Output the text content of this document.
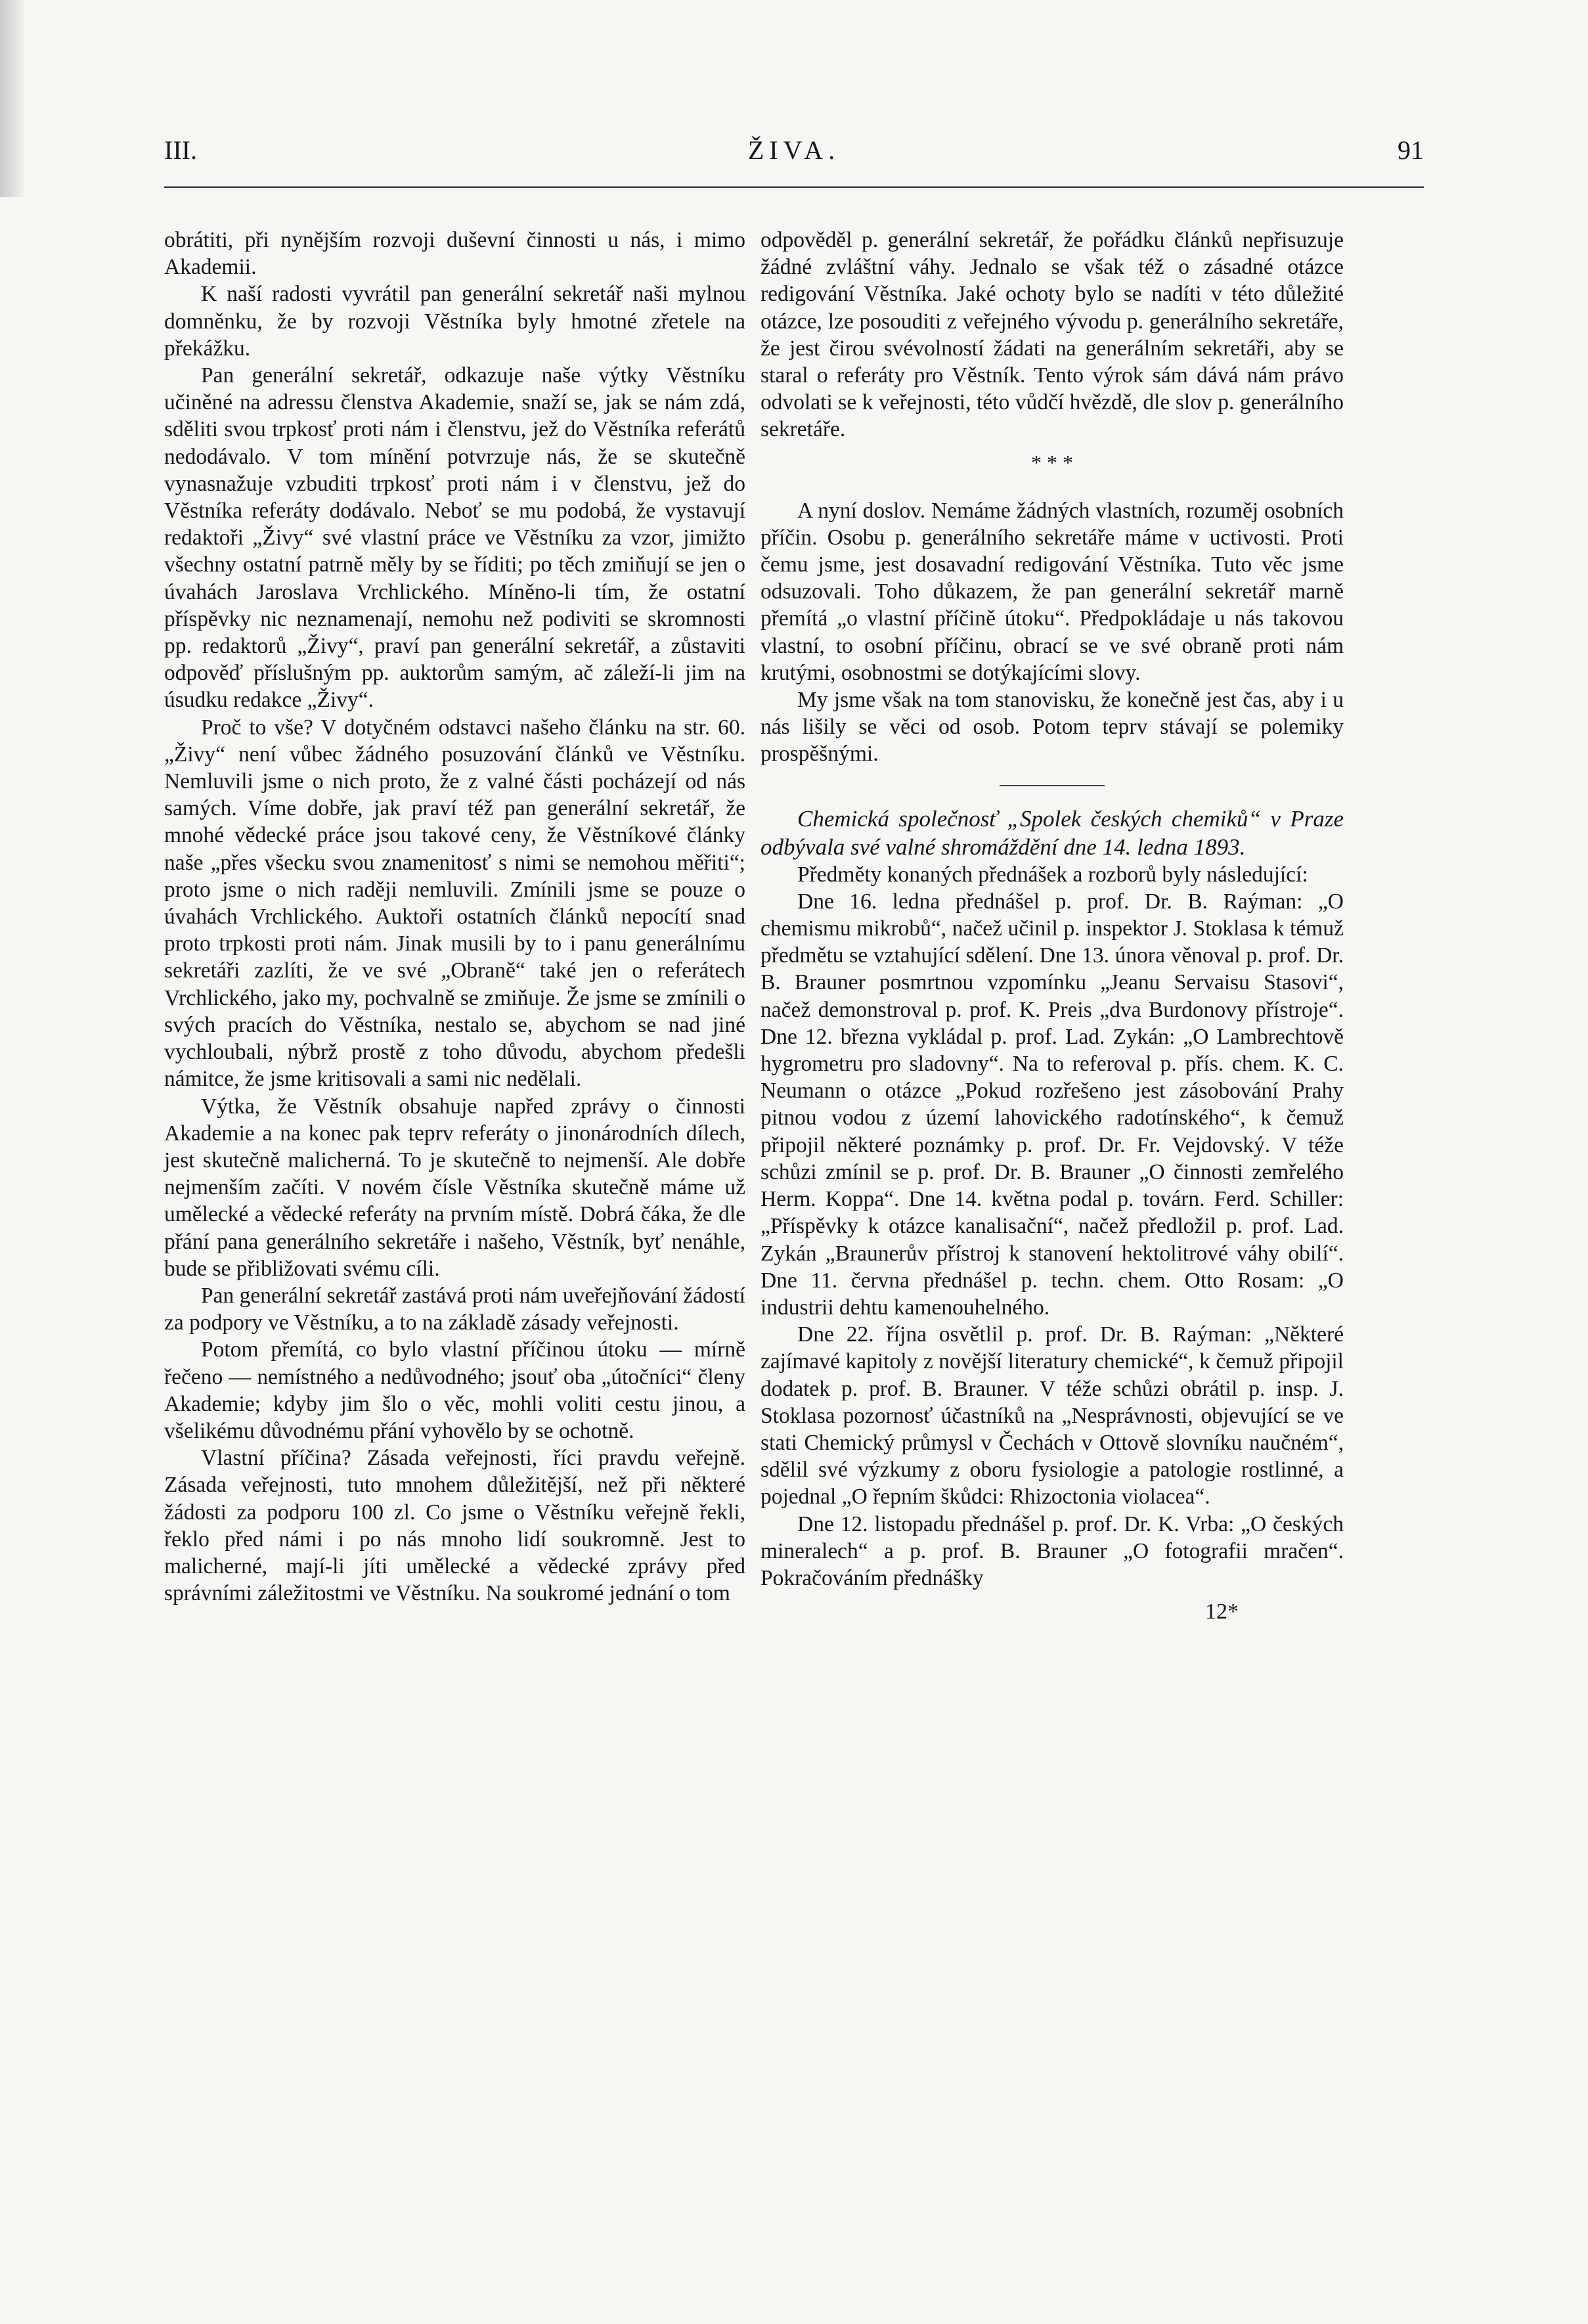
III.	ŽIVA.	91

obrátiti, při nynějším rozvoji duševní činnosti u nás, i mimo Akademii.

K naší radosti vyvrátil pan generální sekretář naši mylnou domněnku, že by rozvoji Věstníka byly hmotné zřetele na překážku.

Pan generální sekretář, odkazuje naše výtky Věstníku učiněné na adressu členstva Akademie, snaží se, jak se nám zdá, sděliti svou trpkosť proti nám i členstvu, jež do Věstníka referátů nedodávalo. V tom mínění potvrzuje nás, že se skutečně vynasnažuje vzbuditi trpkosť proti nám i v členstvu, jež do Věstníka referáty dodávalo. Neboť se mu podobá, že vystavují redaktoři „Živy“ své vlastní práce ve Věstníku za vzor, jimižto všechny ostatní patrně měly by se říditi; po těch zmiňují se jen o úvahách Jaroslava Vrchlického. Míněno-li tím, že ostatní příspěvky nic neznamenají, nemohu než podiviti se skromnosti pp. redaktorů „Živy“, praví pan generální sekretář, a zůstaviti odpověď příslušným pp. auktorům samým, ač záleží-li jim na úsudku redakce „Živy“.

Proč to vše? V dotyčném odstavci našeho článku na str. 60. „Živy“ není vůbec žádného posuzování článků ve Věstníku. Nemluvili jsme o nich proto, že z valné části pocházejí od nás samých. Víme dobře, jak praví též pan generální sekretář, že mnohé vědecké práce jsou takové ceny, že Věstníkové články naše „přes všecku svou znamenitosť s nimi se nemohou měřiti“; proto jsme o nich raději nemluvili. Zmínili jsme se pouze o úvahách Vrchlického. Auktoři ostatních článků nepocítí snad proto trpkosti proti nám. Jinak musili by to i panu generálnímu sekretáři zazlíti, že ve své „Obraně“ také jen o referátech Vrchlického, jako my, pochvalně se zmiňuje. Že jsme se zmínili o svých pracích do Věstníka, nestalo se, abychom se nad jiné vychloubali, nýbrž prostě z toho důvodu, abychom předešli námitce, že jsme kritisovali a sami nic nedělali.

Výtka, že Věstník obsahuje napřed zprávy o činnosti Akademie a na konec pak teprv referáty o jinonárodních dílech, jest skutečně malicherná. To je skutečně to nejmenší. Ale dobře nejmenším začíti. V novém čísle Věstníka skutečně máme už umělecké a vědecké referáty na prvním místě. Dobrá čáka, že dle přání pana generálního sekretáře i našeho, Věstník, byť nenáhle, bude se přibližovati svému cíli.

Pan generální sekretář zastává proti nám uveřejňování žádostí za podpory ve Věstníku, a to na základě zásady veřejnosti.

Potom přemítá, co bylo vlastní příčinou útoku — mírně řečeno — nemístného a nedůvodného; jsouť oba „útočníci“ členy Akademie; kdyby jim šlo o věc, mohli voliti cestu jinou, a všelikému důvodnému přání vyhovělo by se ochotně.

Vlastní příčina? Zásada veřejnosti, říci pravdu veřejně. Zásada veřejnosti, tuto mnohem důležitější, než při některé žádosti za podporu 100 zl. Co jsme o Věstníku veřejně řekli, řeklo před námi i po nás mnoho lidí soukromně. Jest to malicherné, mají-li jíti umělecké a vědecké zprávy před správními záležitostmi ve Věstníku. Na soukromé jednání o tom

odpověděl p. generální sekretář, že pořádku článků nepřisuzuje žádné zvláštní váhy. Jednalo se však též o zásadné otázce redigování Věstníka. Jaké ochoty bylo se nadíti v této důležité otázce, lze posouditi z veřejného vývodu p. generálního sekretáře, že jest čirou svévolností žádati na generálním sekretáři, aby se staral o referáty pro Věstník. Tento výrok sám dává nám právo odvolati se k veřejnosti, této vůdčí hvězdě, dle slov p. generálního sekretáře.

* * *

A nyní doslov. Nemáme žádných vlastních, rozuměj osobních příčin. Osobu p. generálního sekretáře máme v uctivosti. Proti čemu jsme, jest dosavadní redigování Věstníka. Tuto věc jsme odsuzovali. Toho důkazem, že pan generální sekretář marně přemítá „o vlastní příčině útoku“. Předpokládaje u nás takovou vlastní, to osobní příčinu, obrací se ve své obraně proti nám krutými, osobnostmi se dotýkajícími slovy.

My jsme však na tom stanovisku, že konečně jest čas, aby i u nás lišily se věci od osob. Potom teprv stávají se polemiky prospěšnými.

Chemická společnosť „Spolek českých chemiků“ v Praze odbývala své valné shromáždění dne 14. ledna 1893.

Předměty konaných přednášek a rozborů byly následující:

Dne 16. ledna přednášel p. prof. Dr. B. Raýman: „O chemismu mikrobů“, načež učinil p. inspektor J. Stoklasa k témuž předmětu se vztahující sdělení. Dne 13. února věnoval p. prof. Dr. B. Brauner posmrtnou vzpomínku „Jeanu Servaisu Stasovi“, načež demonstroval p. prof. K. Preis „dva Burdonovy přístroje“. Dne 12. března vykládal p. prof. Lad. Zykán: „O Lambrechtově hygrometru pro sladovny“. Na to referoval p. přís. chem. K. C. Neumann o otázce „Pokud rozřešeno jest zásobování Prahy pitnou vodou z území lahovického radotínského“, k čemuž připojil některé poznámky p. prof. Dr. Fr. Vejdovský. V téže schůzi zmínil se p. prof. Dr. B. Brauner „O činnosti zemřelého Herm. Koppa“. Dne 14. května podal p. továrn. Ferd. Schiller: „Příspěvky k otázce kanalisační“, načež předložil p. prof. Lad. Zykán „Braunerův přístroj k stanovení hektolitrové váhy obilí“. Dne 11. června přednášel p. techn. chem. Otto Rosam: „O industrii dehtu kamenouhelného.

Dne 22. října osvětlil p. prof. Dr. B. Raýman: „Některé zajímavé kapitoly z novější literatury chemické“, k čemuž připojil dodatek p. prof. B. Brauner. V téže schůzi obrátil p. insp. J. Stoklasa pozornosť účastníků na „Nesprávnosti, objevující se ve stati Chemický průmysl v Čechách v Ottově slovníku naučném“, sdělil své výzkumy z oboru fysiologie a patologie rostlinné, a pojednal „O řepním škůdci: Rhizoctonia violacea“.

Dne 12. listopadu přednášel p. prof. Dr. K. Vrba: „O českých mineralech“ a p. prof. B. Brauner „O fotografii mračen“. Pokračováním přednášky

12*
